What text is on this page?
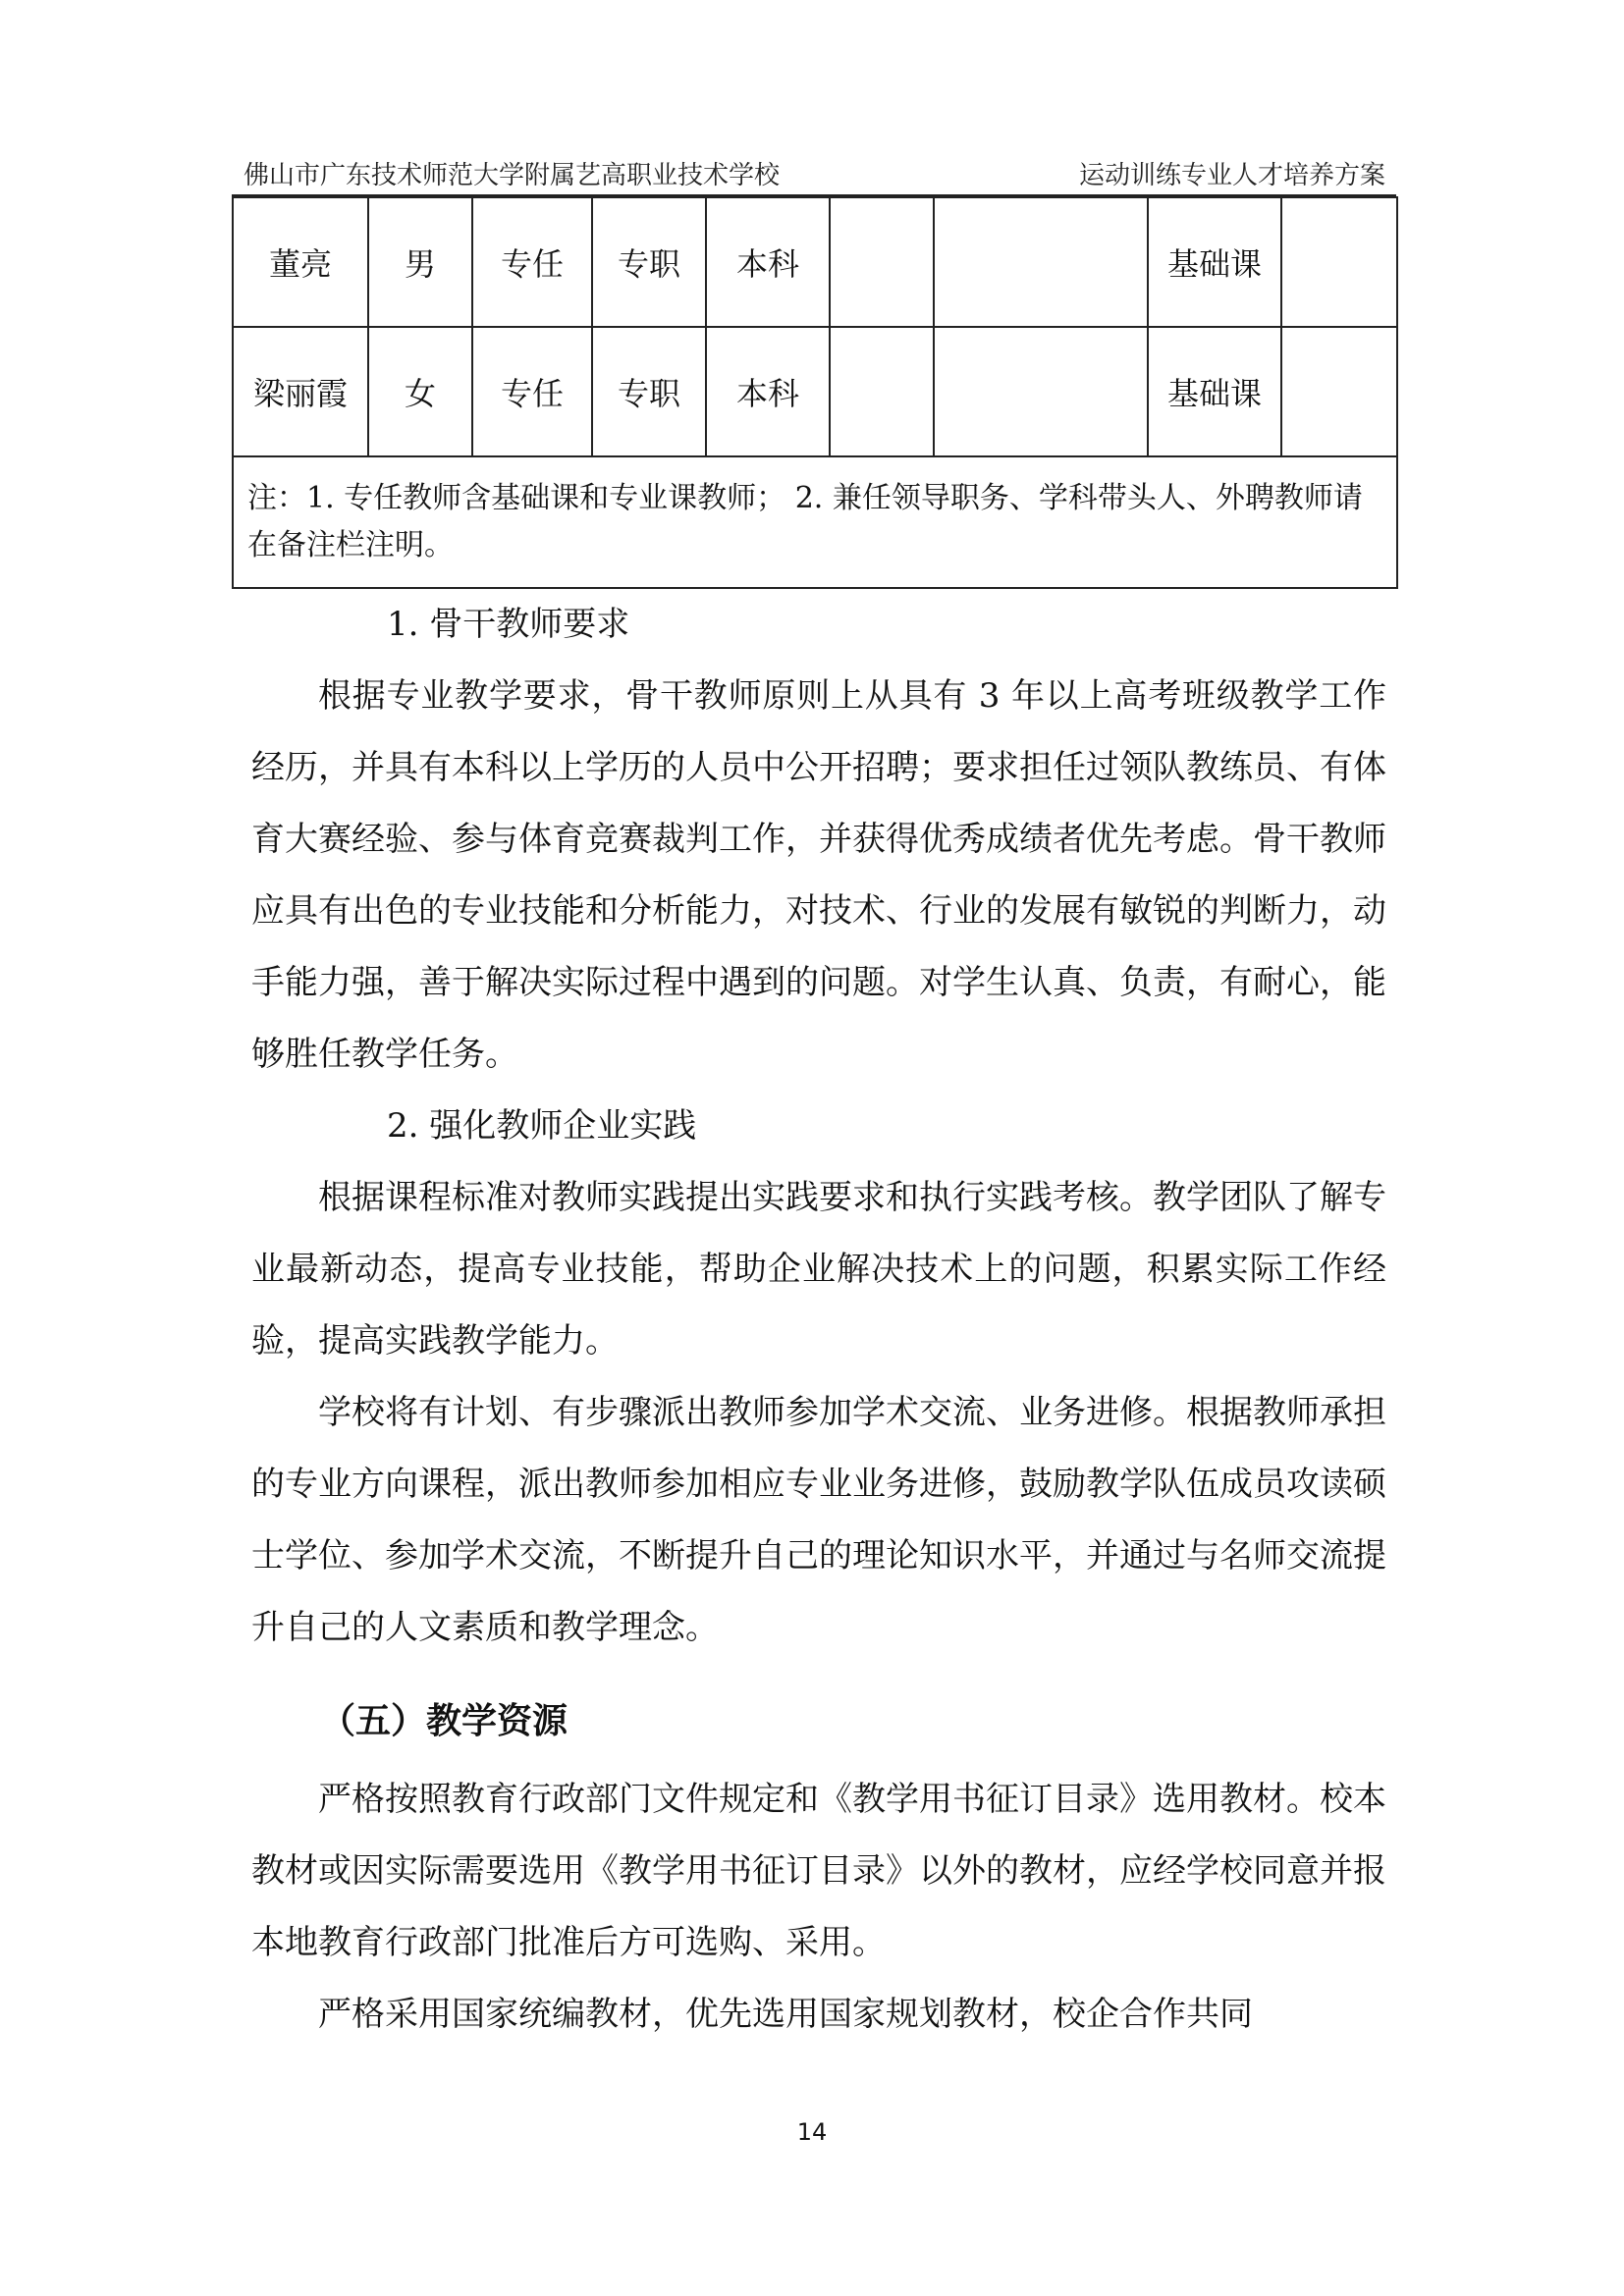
佛山市广东技术师范大学附属艺高职业技术学校	运动训练专业人才培养方案
董亮	男	专任	专职	本科			基础课	
梁丽霞	女	专任	专职	本科			基础课	
注：1. 专任教师含基础课和专业课教师； 2. 兼任领导职务、学科带头人、外聘教师请在备注栏注明。								

1. 骨干教师要求

根据专业教学要求，骨干教师原则上从具有 3 年以上高考班级教学工作经历，并具有本科以上学历的人员中公开招聘；要求担任过领队教练员、有体育大赛经验、参与体育竞赛裁判工作，并获得优秀成绩者优先考虑。骨干教师应具有出色的专业技能和分析能力，对技术、行业的发展有敏锐的判断力，动手能力强，善于解决实际过程中遇到的问题。对学生认真、负责，有耐心，能够胜任教学任务。

2. 强化教师企业实践

根据课程标准对教师实践提出实践要求和执行实践考核。教学团队了解专业最新动态，提高专业技能，帮助企业解决技术上的问题，积累实际工作经验，提高实践教学能力。

学校将有计划、有步骤派出教师参加学术交流、业务进修。根据教师承担的专业方向课程，派出教师参加相应专业业务进修，鼓励教学队伍成员攻读硕士学位、参加学术交流，不断提升自己的理论知识水平，并通过与名师交流提升自己的人文素质和教学理念。

（五）教学资源

严格按照教育行政部门文件规定和《教学用书征订目录》选用教材。校本教材或因实际需要选用《教学用书征订目录》以外的教材，应经学校同意并报本地教育行政部门批准后方可选购、采用。

严格采用国家统编教材，优先选用国家规划教材，校企合作共同

14
